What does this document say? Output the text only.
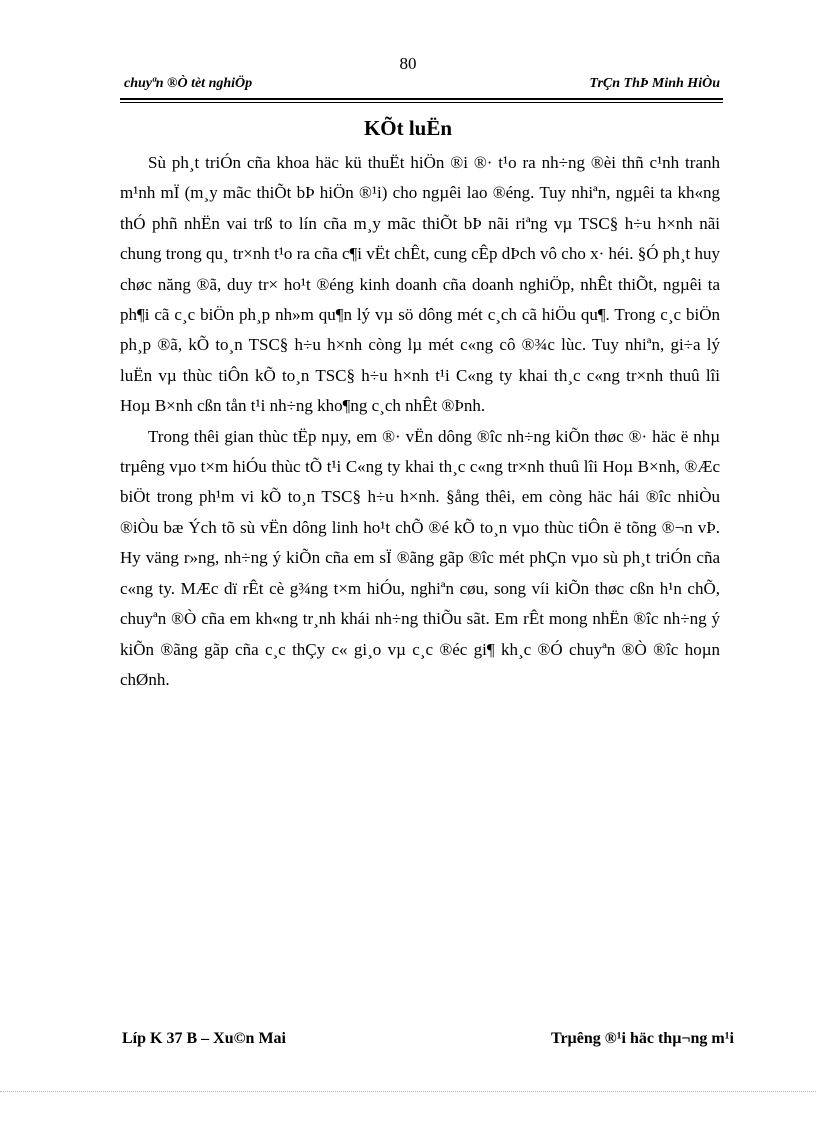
80
chuyªn ®Ò tèt nghiÖp	TrÇn ThÞ Minh HiÒu
KÕt luËn

Sù ph¸t triÓn cña khoa häc kü thuËt hiÖn ®i ®· t¹o ra nh÷ng ®èi thñ c¹nh tranh m¹nh mÏ (m¸y mãc thiÕt bÞ hiÖn ®¹i) cho ngµêi lao ®éng. Tuy nhiªn, ngµêi ta kh«ng thÓ phñ nhËn vai trß to lín cña m¸y mãc thiÕt bÞ nãi riªng vµ TSC§ h÷u h×nh nãi chung trong qu¸ tr×nh t¹o ra cña c¶i vËt chÊt, cung cÊp dÞch vô cho x· héi. §Ó ph¸t huy chøc năng ®ã, duy tr× ho¹t ®éng kinh doanh cña doanh nghiÖp, nhÊt thiÕt, ngµêi ta ph¶i cã c¸c biÖn ph¸p nh»m qu¶n lý vµ sö dông mét c¸ch cã hiÖu qu¶. Trong c¸c biÖn ph¸p ®ã, kÕ to¸n TSC§ h÷u h×nh còng lµ mét c«ng cô ®¾c lùc. Tuy nhiªn, gi÷a lý luËn vµ thùc tiÔn kÕ to¸n TSC§ h÷u h×nh t¹i C«ng ty khai th¸c c«ng tr×nh thuû lîi Hoµ B×nh cßn tån t¹i nh÷ng kho¶ng c¸ch nhÊt ®Þnh.

Trong thêi gian thùc tËp nµy, em ®· vËn dông ®îc nh÷ng kiÕn thøc ®· häc ë nhµ trµêng vµo t×m hiÓu thùc tÕ t¹i C«ng ty khai th¸c c«ng tr×nh thuû lîi Hoµ B×nh, ®Æc biÖt trong ph¹m vi kÕ to¸n TSC§ h÷u h×nh. §ång thêi, em còng häc hái ®îc nhiÒu ®iÒu bæ Ých tõ sù vËn dông linh ho¹t chÕ ®é kÕ to¸n vµo thùc tiÔn ë tõng ®¬n vÞ. Hy väng r»ng, nh÷ng ý kiÕn cña em sÏ ®ãng gãp ®îc mét phÇn vµo sù ph¸t triÓn cña c«ng ty. MÆc dï rÊt cè g¾ng t×m hiÓu, nghiªn cøu, song víi kiÕn thøc cßn h¹n chÕ, chuyªn ®Ò cña em kh«ng tr¸nh khái nh÷ng thiÕu sãt. Em rÊt mong nhËn ®îc nh÷ng ý kiÕn ®ãng gãp cña c¸c thÇy c« gi¸o vµ c¸c ®éc gi¶ kh¸c ®Ó chuyªn ®Ò ®îc hoµn chØnh.

Líp K 37 B – Xu©n Mai	Trµêng ®¹i häc thµ¬ng m¹i
